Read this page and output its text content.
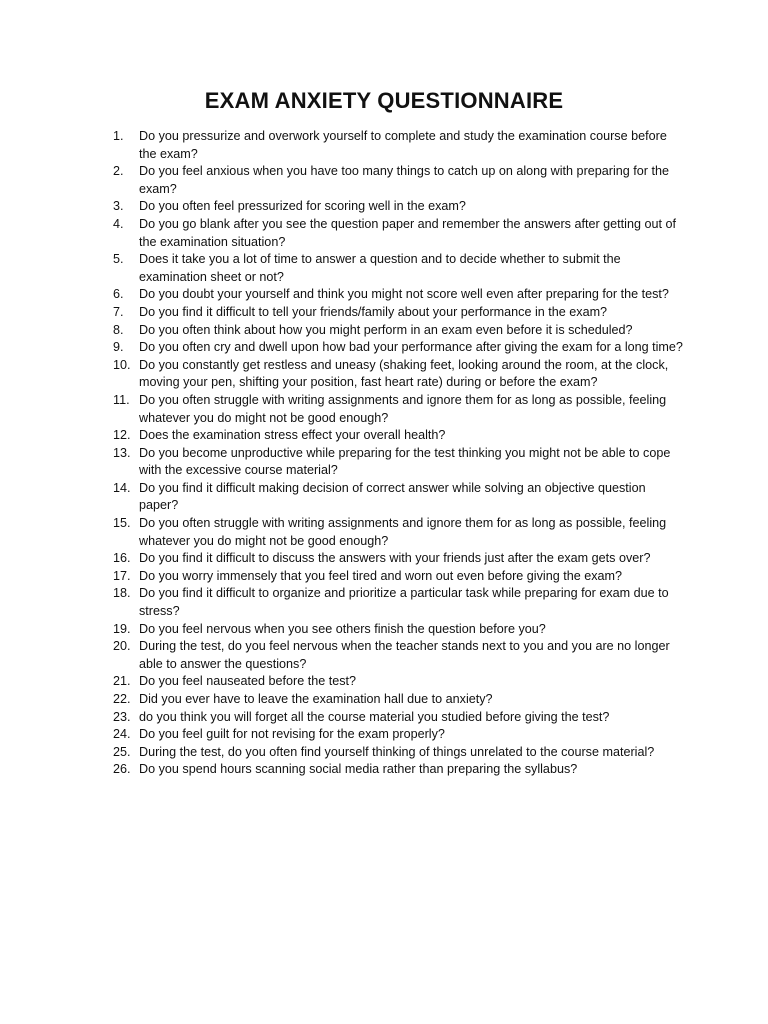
EXAM ANXIETY QUESTIONNAIRE
1.	Do you pressurize and overwork yourself to complete and study the examination course before the exam?
2.	Do you feel anxious when you have too many things to catch up on along with preparing for the exam?
3.	Do you often feel pressurized for scoring well in the exam?
4.	Do you go blank after you see the question paper and remember the answers after getting out of the examination situation?
5.	Does it take you a lot of time to answer a question and to decide whether to submit the examination sheet or not?
6.	Do you doubt your yourself and think you might not score well even after preparing for the test?
7.	Do you find it difficult to tell your friends/family about your performance in the exam?
8.	Do you often think about how you might perform in an exam even before it is scheduled?
9.	Do you often cry and dwell upon how bad your performance after giving the exam for a long time?
10. Do you constantly get restless and uneasy (shaking feet, looking around the room, at the clock, moving your pen, shifting your position, fast heart rate) during or before the exam?
11. Do you often struggle with writing assignments and ignore them for as long as possible, feeling whatever you do might not be good enough?
12. Does the examination stress effect your overall health?
13. Do you become unproductive while preparing for the test thinking you might not be able to cope with the excessive course material?
14. Do you find it difficult making decision of correct answer while solving an objective question paper?
15. Do you often struggle with writing assignments and ignore them for as long as possible, feeling whatever you do might not be good enough?
16. Do you find it difficult to discuss the answers with your friends just after the exam gets over?
17. Do you worry immensely that you feel tired and worn out even before giving the exam?
18. Do you find it difficult to organize and prioritize a particular task while preparing for exam due to stress?
19. Do you feel nervous when you see others finish the question before you?
20. During the test, do you feel nervous when the teacher stands next to you and you are no longer able to answer the questions?
21. Do you feel nauseated before the test?
22. Did you ever have to leave the examination hall due to anxiety?
23. do you think you will forget all the course material you studied before giving the test?
24. Do you feel guilt for not revising for the exam properly?
25. During the test, do you often find yourself thinking of things unrelated to the course material?
26. Do you spend hours scanning social media rather than preparing the syllabus?
